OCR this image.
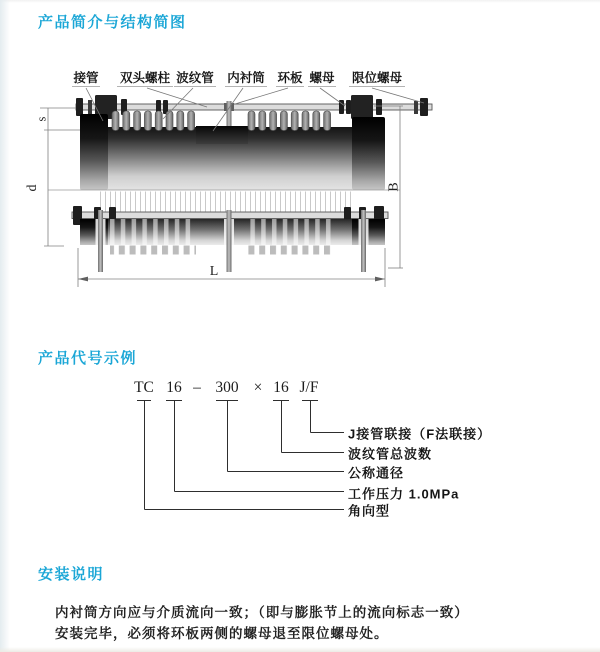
产品简介与结构简图
s
d	B
L
接管 双头螺柱 波纹管 内衬筒 环板 螺母 限位螺母
产品代号示例
TC 16 – 300 × 16 J/F
J接管联接（F法联接）
波纹管总波数
公称通径
工作压力 1.0MPa
角向型
安装说明
内衬筒方向应与介质流向一致；（即与膨胀节上的流向标志一致）
安装完毕，必须将环板两侧的螺母退至限位螺母处。
